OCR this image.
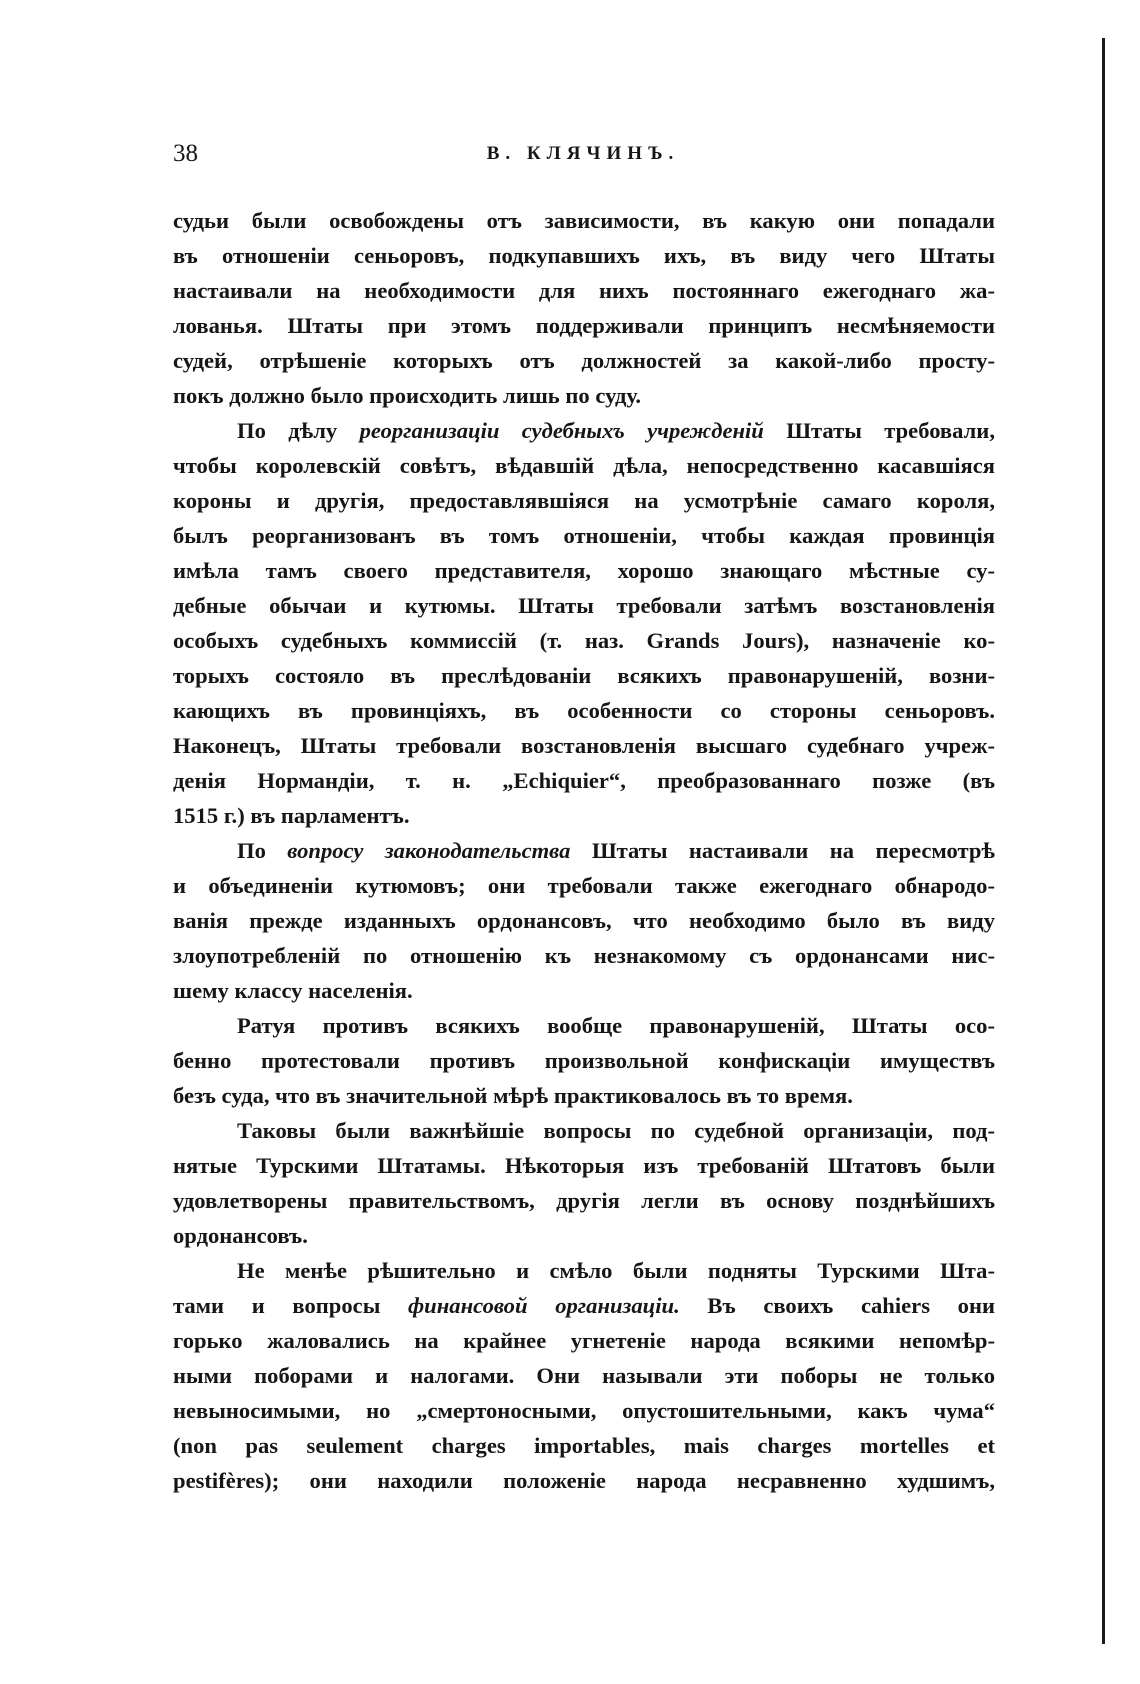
38	В. КЛЯЧИНЪ.
судьи были освобождены отъ зависимости, въ какую они попадали
въ отношеніи сеньоровъ, подкупавшихъ ихъ, въ виду чего Штаты
настаивали на необходимости для нихъ постояннаго ежегоднаго жа-
лованья. Штаты при этомъ поддерживали принципъ несмѣняемости
судей, отрѣшеніе которыхъ отъ должностей за какой-либо просту-
покъ должно было происходить лишь по суду.
По дѣлу реорганизаціи судебныхъ учрежденій Штаты требовали,
чтобы королевскій совѣтъ, вѣдавшій дѣла, непосредственно касавшіяся
короны и другія, предоставлявшіяся на усмотрѣніе самаго короля,
былъ реорганизованъ въ томъ отношеніи, чтобы каждая провинція
имѣла тамъ своего представителя, хорошо знающаго мѣстные су-
дебные обычаи и кутюмы. Штаты требовали затѣмъ возстановленія
особыхъ судебныхъ коммиссій (т. наз. Grands Jours), назначеніе ко-
торыхъ состояло въ преслѣдованіи всякихъ правонарушеній, возни-
кающихъ въ провинціяхъ, въ особенности со стороны сеньоровъ.
Наконецъ, Штаты требовали возстановленія высшаго судебнаго учреж-
денія Нормандіи, т. н. „Echiquier“, преобразованнаго позже (въ
1515 г.) въ парламентъ.
По вопросу законодательства Штаты настаивали на пересмотрѣ
и объединеніи кутюмовъ; они требовали также ежегоднаго обнародо-
ванія прежде изданныхъ ордонансовъ, что необходимо было въ виду
злоупотребленій по отношенію къ незнакомому съ ордонансами нис-
шему классу населенія.
Ратуя противъ всякихъ вообще правонарушеній, Штаты осо-
бенно протестовали противъ произвольной конфискаціи имуществъ
безъ суда, что въ значительной мѣрѣ практиковалось въ то время.
Таковы были важнѣйшіе вопросы по судебной организаціи, под-
нятые Турскими Штатамы. Нѣкоторыя изъ требованій Штатовъ были
удовлетворены правительствомъ, другія легли въ основу позднѣйшихъ
ордонансовъ.
Не менѣе рѣшительно и смѣло были подняты Турскими Шта-
тами и вопросы финансовой организаціи. Въ своихъ cahiers они
горько жаловались на крайнее угнетеніе народа всякими непомѣр-
ными поборами и налогами. Они называли эти поборы не только
невыносимыми, но „смертоносными, опустошительными, какъ чума“
(non pas seulement charges importables, mais charges mortelles et
pestifères); они находили положеніе народа несравненно худшимъ,
